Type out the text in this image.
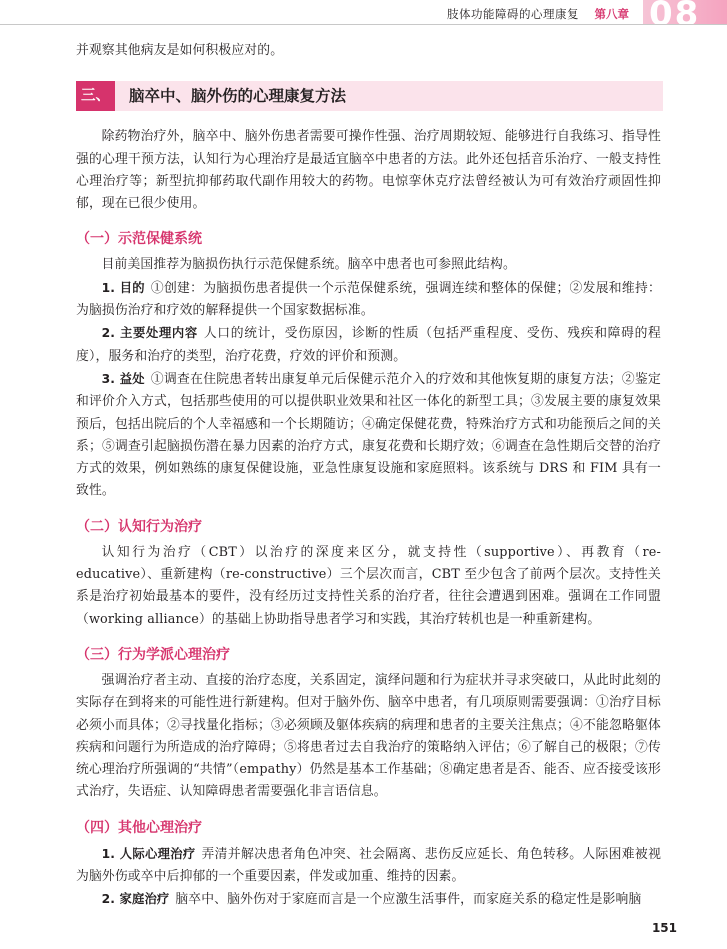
肢体功能障碍的心理康复 第八章 08

并观察其他病友是如何积极应对的。

三、	脑卒中、脑外伤的心理康复方法

除药物治疗外，脑卒中、脑外伤患者需要可操作性强、治疗周期较短、能够进行自我练习、指导性强的心理干预方法，认知行为心理治疗是最适宜脑卒中患者的方法。此外还包括音乐治疗、一般支持性心理治疗等；新型抗抑郁药取代副作用较大的药物。电惊挛休克疗法曾经被认为可有效治疗顽固性抑郁，现在已很少使用。

（一）示范保健系统

目前美国推荐为脑损伤执行示范保健系统。脑卒中患者也可参照此结构。

1. 目的 ①创建：为脑损伤患者提供一个示范保健系统，强调连续和整体的保健；②发展和维持：为脑损伤治疗和疗效的解释提供一个国家数据标准。

2. 主要处理内容 人口的统计，受伤原因，诊断的性质（包括严重程度、受伤、残疾和障碍的程度），服务和治疗的类型，治疗花费，疗效的评价和预测。

3. 益处 ①调查在住院患者转出康复单元后保健示范介入的疗效和其他恢复期的康复方法；②鉴定和评价介入方式，包括那些使用的可以提供职业效果和社区一体化的新型工具；③发展主要的康复效果预后，包括出院后的个人幸福感和一个长期随访；④确定保健花费，特殊治疗方式和功能预后之间的关系；⑤调查引起脑损伤潜在暴力因素的治疗方式，康复花费和长期疗效；⑥调查在急性期后交替的治疗方式的效果，例如熟练的康复保健设施，亚急性康复设施和家庭照料。该系统与 DRS 和 FIM 具有一致性。

（二）认知行为治疗

认知行为治疗（CBT）以治疗的深度来区分，就支持性（supportive）、再教育（re-educative）、重新建构（re-constructive）三个层次而言，CBT 至少包含了前两个层次。支持性关系是治疗初始最基本的要件，没有经历过支持性关系的治疗者，往往会遭遇到困难。强调在工作同盟（working alliance）的基础上协助指导患者学习和实践，其治疗转机也是一种重新建构。

（三）行为学派心理治疗

强调治疗者主动、直接的治疗态度，关系固定，演绎问题和行为症状并寻求突破口，从此时此刻的实际存在到将来的可能性进行新建构。但对于脑外伤、脑卒中患者，有几项原则需要强调：①治疗目标必须小而具体；②寻找量化指标；③必须顾及躯体疾病的病理和患者的主要关注焦点；④不能忽略躯体疾病和问题行为所造成的治疗障碍；⑤将患者过去自我治疗的策略纳入评估；⑥了解自己的极限；⑦传统心理治疗所强调的“共情”（empathy）仍然是基本工作基础；⑧确定患者是否、能否、应否接受该形式治疗，失语症、认知障碍患者需要强化非言语信息。

（四）其他心理治疗

1. 人际心理治疗 弄清并解决患者角色冲突、社会隔离、悲伤反应延长、角色转移。人际困难被视为脑外伤或卒中后抑郁的一个重要因素，伴发或加重、维持的因素。

2. 家庭治疗 脑卒中、脑外伤对于家庭而言是一个应激生活事件，而家庭关系的稳定性是影响脑

151
